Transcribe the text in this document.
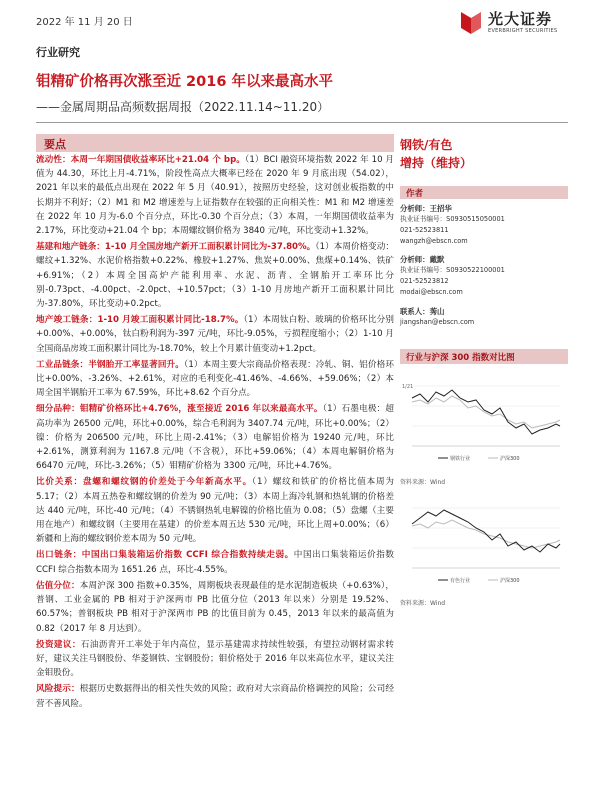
2022 年 11 月 20 日	光大证券
EVERBRIGHT SECURITIES
行业研究
钼精矿价格再次涨至近 2016 年以来最高水平
——金属周期品高频数据周报（2022.11.14~11.20）
要点

流动性：本周一年期国债收益率环比+21.04 个 bp。（1）BCI 融资环境指数 2022 年 10 月值为 44.30，环比上月-4.71%，阶段性高点大概率已经在 2020 年 9 月底出现（54.02），2021 年以来的最低点出现在 2022 年 5 月（40.91），按照历史经验，这对创业板指数的中长期并不利好；（2）M1 和 M2 增速差与上证指数存在较强的正向相关性：M1 和 M2 增速差在 2022 年 10 月为-6.0 个百分点，环比-0.30 个百分点；（3）本周，一年期国债收益率为 2.17%，环比变动+21.04 个 bp；本周螺纹钢价格为 3840 元/吨，环比变动+1.32%。

基建和地产链条：1-10 月全国房地产新开工面积累计同比为-37.80%。（1）本周价格变动：螺纹+1.32%、水泥价格指数+0.22%、橡胶+1.27%、焦炭+0.00%、焦煤+0.14%、铁矿+6.91%；（2）本周全国高炉产能利用率、水泥、沥青、全钢胎开工率环比分别-0.73pct、-4.00pct、-2.0pct、+10.57pct；（3）1-10 月房地产新开工面积累计同比为-37.80%，环比变动+0.2pct。

地产竣工链条：1-10 月竣工面积累计同比-18.7%。（1）本周钛白粉、玻璃的价格环比分别+0.00%、+0.00%，钛白粉利润为-397 元/吨，环比-9.05%，亏损程度缩小；（2）1-10 月全国商品房竣工面积累计同比为-18.70%，较上个月累计值变动+1.2pct。

工业品链条：半钢胎开工率显著回升。（1）本周主要大宗商品价格表现：冷轧、铜、铝价格环比+0.00%、-3.26%、+2.61%，对应的毛利变化-41.46%、-4.66%、+59.06%；（2）本周全国半钢胎开工率为 67.59%，环比+8.62 个百分点。

细分品种：钼精矿价格环比+4.76%，涨至接近 2016 年以来最高水平。（1）石墨电极：超高功率为 26500 元/吨，环比+0.00%，综合毛利润为 3407.74 元/吨，环比+0.00%；（2）镍：价格为 206500 元/吨，环比上周-2.41%；（3）电解铝价格为 19240 元/吨，环比+2.61%，测算利润为 1167.8 元/吨（不含税），环比+59.06%；（4）本周电解铜价格为 66470 元/吨，环比-3.26%；（5）钼精矿价格为 3300 元/吨，环比+4.76%。

比价关系：盘螺和螺纹钢的价差处于今年新高水平。（1）螺纹和铁矿的价格比值本周为 5.17；（2）本周五热卷和螺纹钢的价差为 90 元/吨；（3）本周上海冷轧钢和热轧钢的价格差达 440 元/吨，环比-40 元/吨；（4）不锈钢热轧电解镍的价格比值为 0.08；（5）盘螺（主要用在地产）和螺纹钢（主要用在基建）的价差本周五达 530 元/吨，环比上周+0.00%；（6）新疆和上海的螺纹钢价差本周为 50 元/吨。

出口链条：中国出口集装箱运价指数 CCFI 综合指数持续走弱。中国出口集装箱运价指数 CCFI 综合指数本周为 1651.26 点，环比-4.55%。

估值分位：本周沪深 300 指数+0.35%，周期板块表现最佳的是水泥制造板块（+0.63%），普钢、工业金属的 PB 相对于沪深两市 PB 比值分位（2013 年以来）分别是 19.52%、60.57%；普钢板块 PB 相对于沪深两市 PB 的比值目前为 0.45，2013 年以来的最高值为 0.82（2017 年 8 月达到）。

投资建议：石油沥青开工率处于年内高位，显示基建需求持续性较强，有望拉动钢材需求转好，建议关注马钢股份、华菱钢铁、宝钢股份；钼价格处于 2016 年以来高位水平，建议关注金钼股份。

风险提示：根据历史数据得出的相关性失效的风险；政府对大宗商品价格调控的风险；公司经营不善风险。

钢铁/有色
增持（维持）
作者
分析师：王招华
执业证书编号：S0930515050001
021-52523811
wangzh@ebscn.com
分析师：戴默
执业证书编号：S0930522100001
021-52523812
modai@ebscn.com
联系人：莠山
jiangshan@ebscn.com
行业与沪深 300 指数对比图
1/21
钢铁行业	沪深300
资料来源：Wind
有色行业	沪深300
资料来源：Wind
